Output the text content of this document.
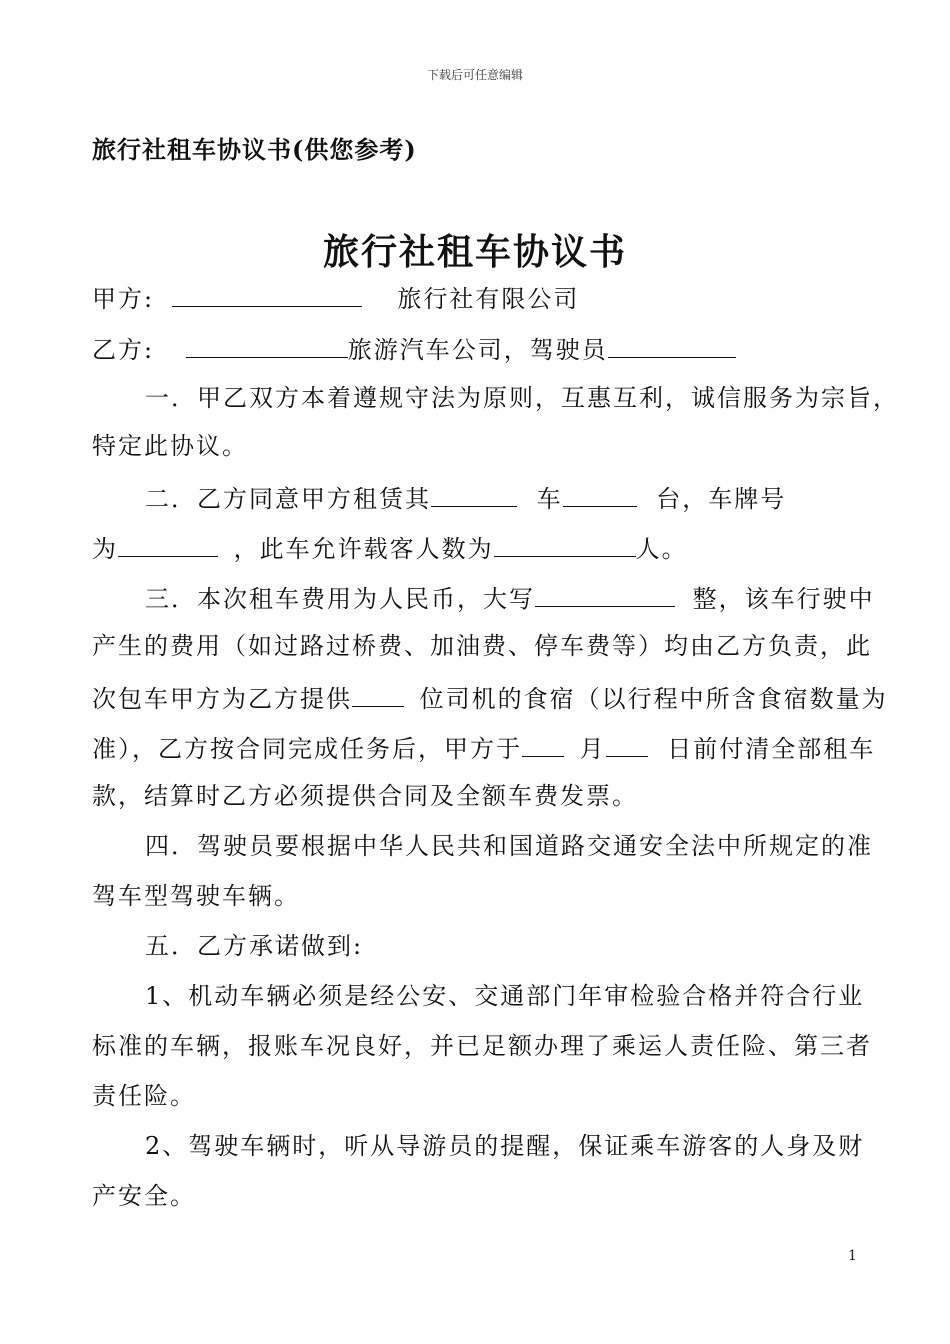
下载后可任意编辑
旅行社租车协议书(供您参考)
旅行社租车协议书
甲方:	旅行社有限公司
乙方:	旅游汽车公司，驾驶员
一．甲乙双方本着遵规守法为原则，互惠互利，诚信服务为宗旨，
特定此协议。
二．乙方同意甲方租赁其	车	台，车牌号
为	，此车允许载客人数为	人。
三．本次租车费用为人民币，大写	整，该车行驶中
产生的费用（如过路过桥费、加油费、停车费等）均由乙方负责，此
次包车甲方为乙方提供	位司机的食宿（以行程中所含食宿数量为
准），乙方按合同完成任务后，甲方于 月	日前付清全部租车
款，结算时乙方必须提供合同及全额车费发票。
四．驾驶员要根据中华人民共和国道路交通安全法中所规定的准
驾车型驾驶车辆。
五．乙方承诺做到:
1、机动车辆必须是经公安、交通部门年审检验合格并符合行业
标准的车辆，报账车况良好，并已足额办理了乘运人责任险、第三者
责任险。
2、驾驶车辆时，听从导游员的提醒，保证乘车游客的人身及财
产安全。
1
